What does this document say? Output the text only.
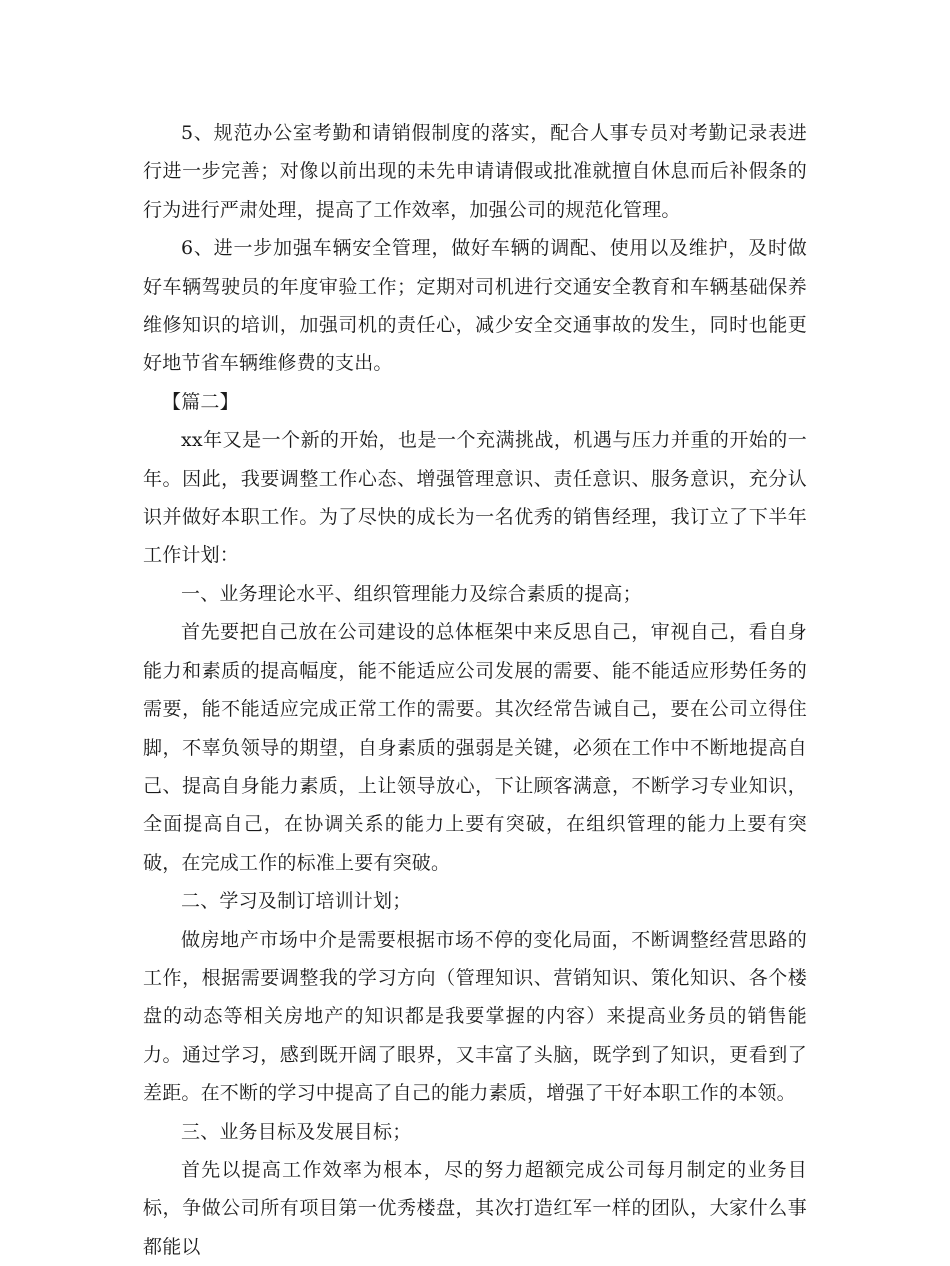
5、规范办公室考勤和请销假制度的落实，配合人事专员对考勤记录表进行进一步完善；对像以前出现的未先申请请假或批准就擅自休息而后补假条的行为进行严肃处理，提高了工作效率，加强公司的规范化管理。

6、进一步加强车辆安全管理，做好车辆的调配、使用以及维护，及时做好车辆驾驶员的年度审验工作；定期对司机进行交通安全教育和车辆基础保养维修知识的培训，加强司机的责任心，减少安全交通事故的发生，同时也能更好地节省车辆维修费的支出。

【篇二】

xx年又是一个新的开始，也是一个充满挑战，机遇与压力并重的开始的一年。因此，我要调整工作心态、增强管理意识、责任意识、服务意识，充分认识并做好本职工作。为了尽快的成长为一名优秀的销售经理，我订立了下半年工作计划：

一、业务理论水平、组织管理能力及综合素质的提高；

首先要把自己放在公司建设的总体框架中来反思自己，审视自己，看自身能力和素质的提高幅度，能不能适应公司发展的需要、能不能适应形势任务的需要，能不能适应完成正常工作的需要。其次经常告诫自己，要在公司立得住脚，不辜负领导的期望，自身素质的强弱是关键，必须在工作中不断地提高自己、提高自身能力素质，上让领导放心，下让顾客满意，不断学习专业知识，全面提高自己，在协调关系的能力上要有突破，在组织管理的能力上要有突破，在完成工作的标准上要有突破。

二、学习及制订培训计划；

做房地产市场中介是需要根据市场不停的变化局面，不断调整经营思路的工作，根据需要调整我的学习方向（管理知识、营销知识、策化知识、各个楼盘的动态等相关房地产的知识都是我要掌握的内容）来提高业务员的销售能力。通过学习，感到既开阔了眼界，又丰富了头脑，既学到了知识，更看到了差距。在不断的学习中提高了自己的能力素质，增强了干好本职工作的本领。

三、业务目标及发展目标；

首先以提高工作效率为根本，尽的努力超额完成公司每月制定的业务目标，争做公司所有项目第一优秀楼盘，其次打造红军一样的团队，大家什么事都能以
